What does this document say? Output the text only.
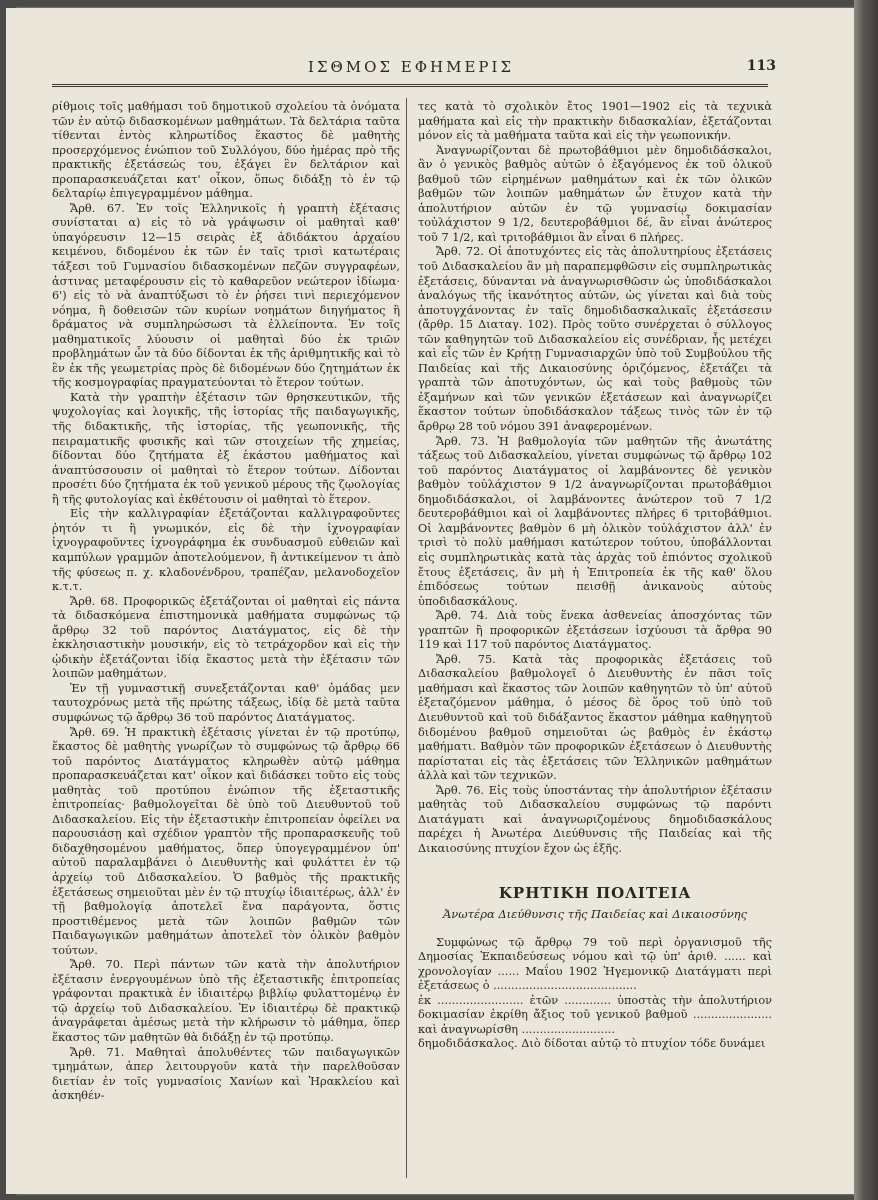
ΙΣΘΜΟΣ ΕΦΗΜΕΡΙΣ	113

ρίθμοις τοῖς μαθήμασι τοῦ δημοτικοῦ σχολείου τὰ ὀνόματα τῶν ἐν αὐτῷ διδασκομένων μαθημάτων. Τὰ δελτάρια ταῦτα τίθενται ἐντὸς κληρωτίδος ἕκαστος δὲ μαθητὴς προσερχόμενος ἐνώπιον τοῦ Συλλόγου, δύο ἡμέρας πρὸ τῆς πρακτικῆς ἐξετάσεώς του, ἐξάγει ἓν δελτάριον καὶ προπαρασκευάζεται κατ' οἶκον, ὅπως διδάξῃ τὸ ἐν τῷ δελταρίῳ ἐπιγεγραμμένον μάθημα.

Ἄρθ. 67. Ἐν τοῖς Ἑλληνικοῖς ἡ γραπτὴ ἐξέτασις συνίσταται α) εἰς τὸ νὰ γράψωσιν οἱ μαθηταὶ καθ' ὑπαγόρευσιν 12—15 σειρὰς ἐξ ἀδιδάκτου ἀρχαίου κειμένου, διδομένου ἐκ τῶν ἐν ταῖς τρισὶ κατωτέραις τάξεσι τοῦ Γυμνασίου διδασκομένων πεζῶν συγγραφέων, ἀστινας μεταφέρουσιν εἰς τὸ καθαρεῦον νεώτερον ἰδίωμα· 6') εἰς τὸ νὰ ἀναπτύξωσι τὸ ἐν ῥήσει τινὶ περιεχόμενον νόημα, ἢ δοθεισῶν τῶν κυρίων νοημάτων διηγήματος ἢ δράματος νὰ συμπληρώσωσι τὰ ἐλλείποντα. Ἐν τοῖς μαθηματικοῖς λύουσιν οἱ μαθηταὶ δύο ἐκ τριῶν προβλημάτων ὧν τὰ δύο δίδονται ἐκ τῆς ἀριθμητικῆς καὶ τὸ ἓν ἐκ τῆς γεωμετρίας πρὸς δὲ διδομένων δύο ζητημάτων ἐκ τῆς κοσμογραφίας πραγματεύονται τὸ ἕτερον τούτων.

Κατὰ τὴν γραπτὴν ἐξέτασιν τῶν θρησκευτικῶν, τῆς ψυχολογίας καὶ λογικῆς, τῆς ἱστορίας τῆς παιδαγωγικῆς, τῆς διδακτικῆς, τῆς ἱστορίας, τῆς γεωπονικῆς, τῆς πειραματικῆς φυσικῆς καὶ τῶν στοιχείων τῆς χημείας, δίδονται δύο ζητήματα ἐξ ἑκάστου μαθήματος καὶ ἀναπτύσσουσιν οἱ μαθηταὶ τὸ ἕτερον τούτων. Δίδονται προσέτι δύο ζητήματα ἐκ τοῦ γενικοῦ μέρους τῆς ζῳολογίας ἢ τῆς φυτολογίας καὶ ἐκθέτουσιν οἱ μαθηταὶ τὸ ἕτερον.

Εἰς τὴν καλλιγραφίαν ἐξετάζονται καλλιγραφοῦντες ῥητόν τι ἢ γνωμικόν, εἰς δὲ τὴν ἰχνογραφίαν ἰχνογραφοῦντες ἰχνογράφημα ἐκ συνδυασμοῦ εὐθειῶν καὶ καμπύλων γραμμῶν ἀποτελούμενον, ἢ ἀντικείμενον τι ἀπὸ τῆς φύσεως π. χ. κλαδονένδρου, τραπέζαν, μελανοδοχεῖον κ.τ.τ.

Ἄρθ. 68. Προφορικῶς ἐξετάζονται οἱ μαθηταὶ εἰς πάντα τὰ διδασκόμενα ἐπιστημονικὰ μαθήματα συμφώνως τῷ ἄρθρῳ 32 τοῦ παρόντος Διατάγματος, εἰς δὲ τὴν ἐκκλησιαστικὴν μουσικήν, εἰς τὸ τετράχορδον καὶ εἰς τὴν ᾠδικὴν ἐξετάζονται ἰδίᾳ ἕκαστος μετὰ τὴν ἐξέτασιν τῶν λοιπῶν μαθημάτων.

Ἐν τῇ γυμναστικῇ συνεξετάζονται καθ' ὁμάδας μεν ταυτοχρόνως μετὰ τῆς πρώτης τάξεως, ἰδίᾳ δὲ μετὰ ταῦτα συμφώνως τῷ ἄρθρῳ 36 τοῦ παρόντος Διατάγματος.

Ἄρθ. 69. Ἡ πρακτικὴ ἐξέτασις γίνεται ἐν τῷ προτύπῳ, ἕκαστος δὲ μαθητὴς γνωρίζων τὸ συμφώνως τῷ ἄρθρῳ 66 τοῦ παρόντος Διατάγματος κληρωθὲν αὐτῷ μάθημα προπαρασκευάζεται κατ' οἶκον καὶ διδάσκει τοῦτο εἰς τοὺς μαθητὰς τοῦ προτύπου ἐνώπιον τῆς ἐξεταστικῆς ἐπιτροπείας· βαθμολογεῖται δὲ ὑπὸ τοῦ Διευθυντοῦ τοῦ Διδασκαλείου. Εἰς τὴν ἐξεταστικὴν ἐπιτροπείαν ὀφείλει να παρουσιάσῃ καὶ σχέδιον γραπτὸν τῆς προπαρασκευῆς τοῦ διδαχθησομένου μαθήματος, ὅπερ ὑπογεγραμμένον ὑπ' αὐτοῦ παραλαμβάνει ὁ Διευθυντὴς καὶ φυλάττει ἐν τῷ ἀρχείῳ τοῦ Διδασκαλείου. Ὁ βαθμὸς τῆς πρακτικῆς ἐξετάσεως σημειοῦται μὲν ἐν τῷ πτυχίῳ ἰδιαιτέρως, ἀλλ' ἐν τῇ βαθμολογίᾳ ἀποτελεῖ ἕνα παράγοντα, ὅστις προστιθέμενος μετὰ τῶν λοιπῶν βαθμῶν τῶν Παιδαγωγικῶν μαθημάτων ἀποτελεῖ τὸν ὁλικὸν βαθμὸν τούτων.

Ἄρθ. 70. Περὶ πάντων τῶν κατὰ τὴν ἀπολυτήριον ἐξέτασιν ἐνεργουμένων ὑπὸ τῆς ἐξεταστικῆς ἐπιτροπείας γράφονται πρακτικὰ ἐν ἰδιαιτέρῳ βιβλίῳ φυλαττομένῳ ἐν τῷ ἀρχείῳ τοῦ Διδασκαλείου. Ἐν ἰδιαιτέρῳ δὲ πρακτικῷ ἀναγράφεται ἀμέσως μετὰ τὴν κλήρωσιν τὸ μάθημα, ὅπερ ἕκαστος τῶν μαθητῶν θὰ διδάξῃ ἐν τῷ προτύπῳ.

Ἄρθ. 71. Μαθηταὶ ἀπολυθέντες τῶν παιδαγωγικῶν τμημάτων, ἀπερ λειτουργοῦν κατὰ τὴν παρελθοῦσαν διετίαν ἐν τοῖς γυμνασίοις Χανίων καὶ Ἡρακλείου καὶ ἀσκηθέν-

τες κατὰ τὸ σχολικὸν ἔτος 1901—1902 εἰς τὰ τεχνικὰ μαθήματα καὶ εἰς τὴν πρακτικὴν διδασκαλίαν, ἐξετάζονται μόνον εἰς τὰ μαθήματα ταῦτα καὶ εἰς τὴν γεωπονικήν.

Ἀναγνωρίζονται δὲ πρωτοβάθμιοι μὲν δημοδιδάσκαλοι, ἂν ὁ γενικὸς βαθμὸς αὐτῶν ὁ ἐξαγόμενος ἐκ τοῦ ὁλικοῦ βαθμοῦ τῶν εἰρημένων μαθημάτων καὶ ἐκ τῶν ὁλικῶν βαθμῶν τῶν λοιπῶν μαθημάτων ὧν ἔτυχον κατὰ τὴν ἀπολυτήριον αὐτῶν ἐν τῷ γυμνασίῳ δοκιμασίαν τοὐλάχιστον 9 1/2, δευτεροβάθμιοι δέ, ἂν εἶναι ἀνώτερος τοῦ 7 1/2, καὶ τριτοβάθμιοι ἂν εἶναι 6 πλήρες.

Ἄρθ. 72. Οἱ ἀποτυχόντες εἰς τὰς ἀπολυτηρίους ἐξετάσεις τοῦ Διδασκαλείου ἂν μὴ παραπεμφθῶσιν εἰς συμπληρωτικὰς ἐξετάσεις, δύνανται νὰ ἀναγνωρισθῶσιν ὡς ὑποδιδάσκαλοι ἀναλόγως τῆς ἱκανότητος αὐτῶν, ὡς γίνεται καὶ διὰ τοὺς ἀποτυγχάνοντας ἐν ταῖς δημοδιδασκαλικαῖς ἐξετάσεσιν (ἄρθρ. 15 Διαταγ. 102). Πρὸς τοῦτο συνέρχεται ὁ σύλλογος τῶν καθηγητῶν τοῦ Διδασκαλείου εἰς συνέδριαν, ἧς μετέχει καὶ εἷς τῶν ἐν Κρήτῃ Γυμνασιαρχῶν ὑπὸ τοῦ Συμβούλου τῆς Παιδείας καὶ τῆς Δικαιοσύνης ὁριζόμενος, ἐξετάζει τὰ γραπτὰ τῶν ἀποτυχόντων, ὡς καὶ τοὺς βαθμοὺς τῶν ἐξαμήνων καὶ τῶν γενικῶν ἐξετάσεων καὶ ἀναγνωρίζει ἕκαστον τούτων ὑποδιδάσκαλον τάξεως τινὸς τῶν ἐν τῷ ἄρθρῳ 28 τοῦ νόμου 391 ἀναφερομένων.

Ἄρθ. 73. Ἡ βαθμολογία τῶν μαθητῶν τῆς ἀνωτάτης τάξεως τοῦ Διδασκαλείου, γίνεται συμφώνως τῷ ἄρθρῳ 102 τοῦ παρόντος Διατάγματος οἱ λαμβάνοντες δὲ γενικὸν βαθμὸν τοὐλάχιστον 9 1/2 ἀναγνωρίζονται πρωτοβάθμιοι δημοδιδάσκαλοι, οἱ λαμβάνοντες ἀνώτερον τοῦ 7 1/2 δευτεροβάθμιοι καὶ οἱ λαμβάνοντες πλήρες 6 τριτοβάθμιοι. Οἱ λαμβάνοντες βαθμὸν 6 μὴ ὁλικὸν τοὐλάχιστον ἀλλ' ἐν τρισὶ τὸ πολὺ μαθήμασι κατώτερον τούτου, ὑποβάλλονται εἰς συμπληρωτικὰς κατὰ τὰς ἀρχὰς τοῦ ἐπιόντος σχολικοῦ ἔτους ἐξετάσεις, ἂν μὴ ἡ Ἐπιτροπεία ἐκ τῆς καθ' ὅλου ἐπιδόσεως τούτων πεισθῇ ἀνικανοὺς αὐτοὺς ὑποδιδασκάλους.

Ἄρθ. 74. Διὰ τοὺς ἕνεκα ἀσθενείας ἀποσχόντας τῶν γραπτῶν ἢ προφορικῶν ἐξετάσεων ἰσχύουσι τὰ ἄρθρα 90 119 καὶ 117 τοῦ παρόντος Διατάγματος.

Ἄρθ. 75. Κατὰ τὰς προφορικὰς ἐξετάσεις τοῦ Διδασκαλείου βαθμολογεῖ ὁ Διευθυντὴς ἐν πᾶσι τοῖς μαθήμασι καὶ ἕκαστος τῶν λοιπῶν καθηγητῶν τὸ ὑπ' αὐτοῦ ἐξεταζόμενον μάθημα, ὁ μέσος δὲ ὅρος τοῦ ὑπὸ τοῦ Διευθυντοῦ καὶ τοῦ διδάξαντος ἕκαστον μάθημα καθηγητοῦ διδομένου βαθμοῦ σημειοῦται ὡς βαθμὸς ἐν ἑκάστῳ μαθήματι. Βαθμὸν τῶν προφορικῶν ἐξετάσεων ὁ Διευθυντὴς παρίσταται εἰς τὰς ἐξετάσεις τῶν Ἑλληνικῶν μαθημάτων ἀλλὰ καὶ τῶν τεχνικῶν.

Ἄρθ. 76. Εἰς τοὺς ὑποστάντας τὴν ἀπολυτήριον ἐξέτασιν μαθητὰς τοῦ Διδασκαλείου συμφώνως τῷ παρόντι Διατάγματι καὶ ἀναγνωριζομένους δημοδιδασκάλους παρέχει ἡ Ἀνωτέρα Διεύθυνσις τῆς Παιδείας καὶ τῆς Δικαιοσύνης πτυχίον ἔχον ὡς ἑξῆς.

ΚΡΗΤΙΚΗ ΠΟΛΙΤΕΙΑ
Ἀνωτέρα Διεύθυνσις τῆς Παιδείας καὶ Δικαιοσύνης

Συμφώνως τῷ ἄρθρῳ 79 τοῦ περὶ ὀργανισμοῦ τῆς Δημοσίας Ἐκπαιδεύσεως νόμου καὶ τῷ ὑπ' ἀριθ. ...... καὶ χρονολογίαν ...... Μαΐου 1902 Ἡγεμονικῷ Διατάγματι περὶ ἐξετάσεως ὁ ........................................

ἐκ ........................ ἐτῶν ............. ὑποστὰς τὴν ἀπολυτήριον δοκιμασίαν ἐκρίθη ἄξιος τοῦ γενικοῦ βαθμοῦ ...................... καὶ ἀναγνωρίσθη ..........................

δημοδιδάσκαλος. Διὸ δίδοται αὐτῷ τὸ πτυχίον τόδε δυνάμει
